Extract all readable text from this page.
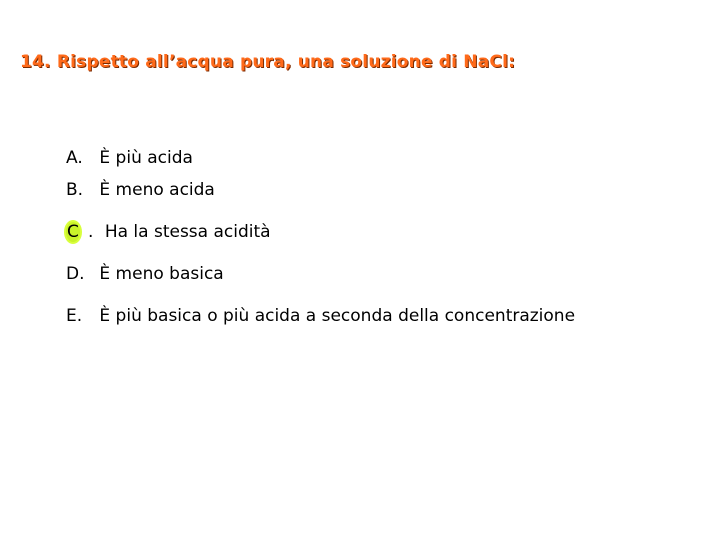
14. Rispetto all’acqua pura, una soluzione di NaCl:
A. È più acida
B. È meno acida
C . Ha la stessa acidità
D. È meno basica
E. È più basica o più acida a seconda della concentrazione
